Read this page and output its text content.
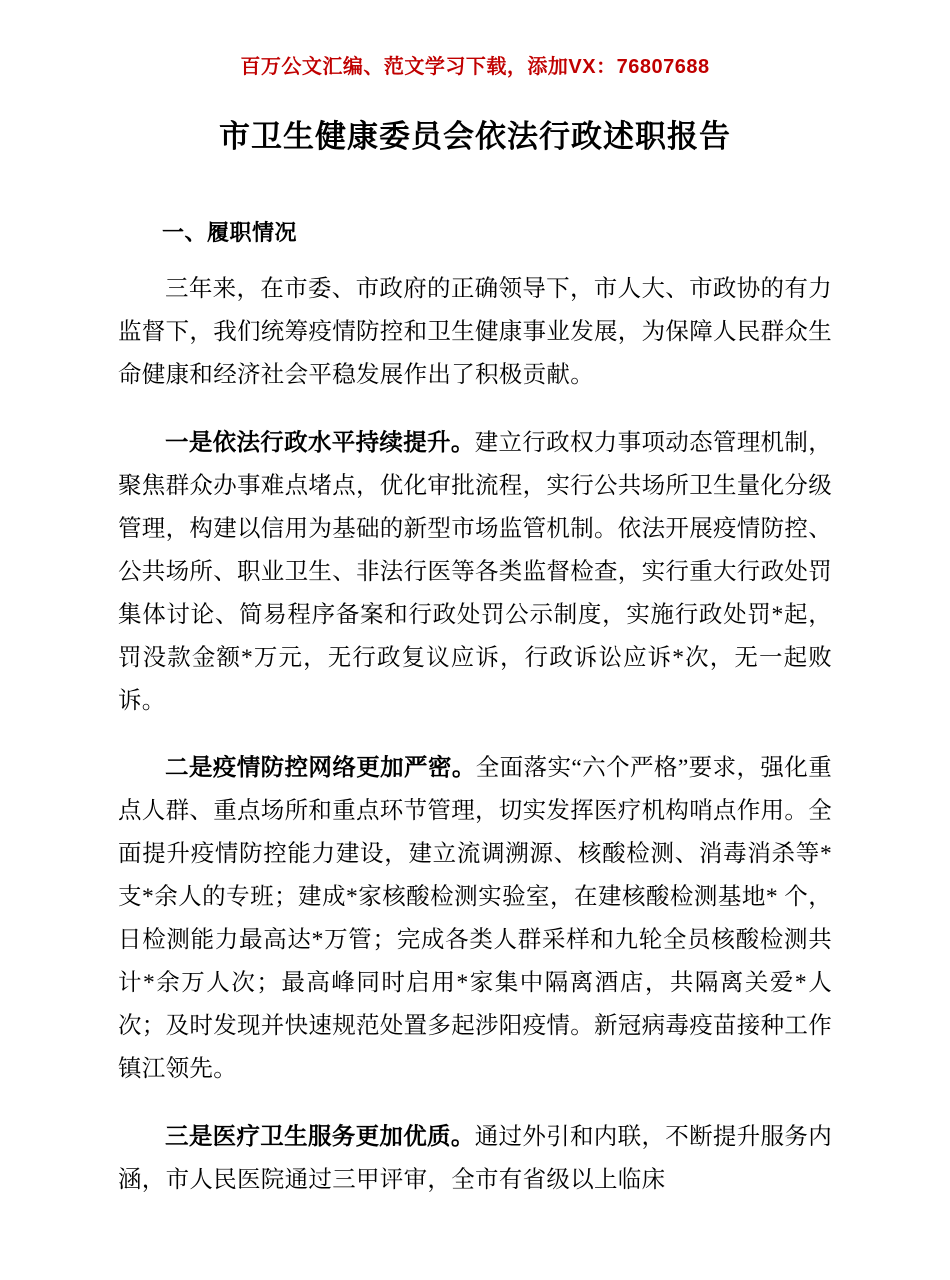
百万公文汇编、范文学习下载，添加VX：76807688
市卫生健康委员会依法行政述职报告
一、履职情况

三年来，在市委、市政府的正确领导下，市人大、市政协的有力监督下，我们统筹疫情防控和卫生健康事业发展，为保障人民群众生命健康和经济社会平稳发展作出了积极贡献。

一是依法行政水平持续提升。建立行政权力事项动态管理机制，聚焦群众办事难点堵点，优化审批流程，实行公共场所卫生量化分级管理，构建以信用为基础的新型市场监管机制。依法开展疫情防控、公共场所、职业卫生、非法行医等各类监督检查，实行重大行政处罚集体讨论、简易程序备案和行政处罚公示制度，实施行政处罚*起，罚没款金额*万元，无行政复议应诉，行政诉讼应诉*次，无一起败诉。

二是疫情防控网络更加严密。全面落实“六个严格”要求，强化重点人群、重点场所和重点环节管理，切实发挥医疗机构哨点作用。全面提升疫情防控能力建设，建立流调溯源、核酸检测、消毒消杀等*支*余人的专班；建成*家核酸检测实验室，在建核酸检测基地* 个，日检测能力最高达*万管；完成各类人群采样和九轮全员核酸检测共计*余万人次；最高峰同时启用*家集中隔离酒店，共隔离关爱*人次；及时发现并快速规范处置多起涉阳疫情。新冠病毒疫苗接种工作镇江领先。

三是医疗卫生服务更加优质。通过外引和内联，不断提升服务内涵，市人民医院通过三甲评审，全市有省级以上临床
